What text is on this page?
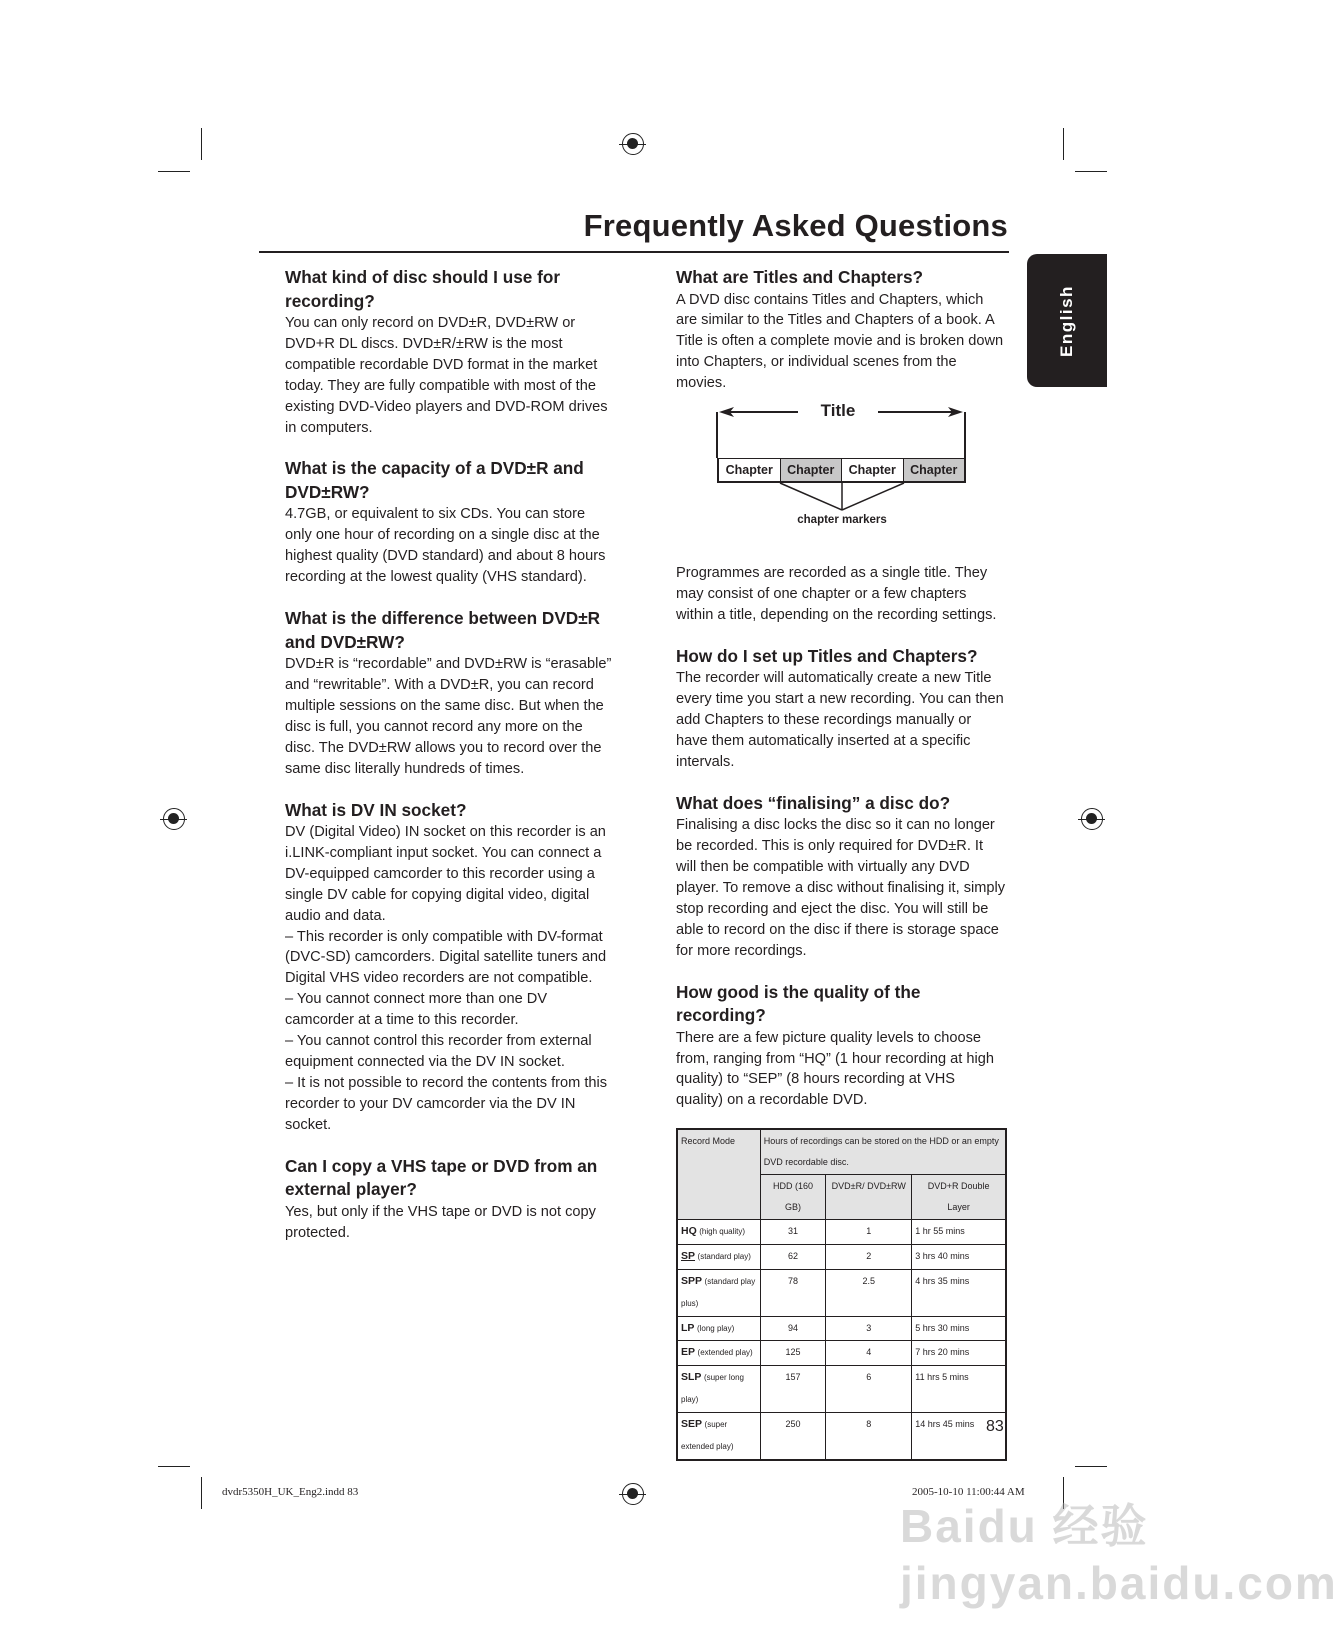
Frequently Asked Questions
English
What kind of disc should I use for recording?

You can only record on DVD±R, DVD±RW or DVD+R DL discs. DVD±R/±RW is the most compatible recordable DVD format in the market today. They are fully compatible with most of the existing DVD-Video players and DVD-ROM drives in computers.

What is the capacity of a DVD±R and DVD±RW?

4.7GB, or equivalent to six CDs. You can store only one hour of recording on a single disc at the highest quality (DVD standard) and about 8 hours recording at the lowest quality (VHS standard).

What is the difference between DVD±R and DVD±RW?

DVD±R is “recordable” and DVD±RW is “erasable” and “rewritable”. With a DVD±R, you can record multiple sessions on the same disc. But when the disc is full, you cannot record any more on the disc. The DVD±RW allows you to record over the same disc literally hundreds of times.

What is DV IN socket?

DV (Digital Video) IN socket on this recorder is an i.LINK-compliant input socket. You can connect a DV-equipped camcorder to this recorder using a single DV cable for copying digital video, digital audio and data.

– This recorder is only compatible with DV-format (DVC-SD) camcorders. Digital satellite tuners and Digital VHS video recorders are not compatible.

– You cannot connect more than one DV camcorder at a time to this recorder.

– You cannot control this recorder from external equipment connected via the DV IN socket.

– It is not possible to record the contents from this recorder to your DV camcorder via the DV IN socket.

Can I copy a VHS tape or DVD from an external player?

Yes, but only if the VHS tape or DVD is not copy protected.

What are Titles and Chapters?

A DVD disc contains Titles and Chapters, which are similar to the Titles and Chapters of a book. A Title is often a complete movie and is broken down into Chapters, or individual scenes from the movies.

Title
Chapter	Chapter	Chapter	Chapter
chapter markers

Programmes are recorded as a single title. They may consist of one chapter or a few chapters within a title, depending on the recording settings.

How do I set up Titles and Chapters?

The recorder will automatically create a new Title every time you start a new recording. You can then add Chapters to these recordings manually or have them automatically inserted at a specific intervals.

What does “finalising” a disc do?

Finalising a disc locks the disc so it can no longer be recorded. This is only required for DVD±R. It will then be compatible with virtually any DVD player. To remove a disc without finalising it, simply stop recording and eject the disc. You will still be able to record on the disc if there is storage space for more recordings.

How good is the quality of the recording?

There are a few picture quality levels to choose from, ranging from “HQ” (1 hour recording at high quality) to “SEP” (8 hours recording at VHS quality) on a recordable DVD.

Record Mode	Hours of recordings can be stored on the HDD or an empty DVD recordable disc.		
	HDD (160 GB)	DVD±R/ DVD±RW	DVD+R Double Layer
HQ (high quality)	31	1	1 hr 55 mins
SP (standard play)	62	2	3 hrs 40 mins
SPP (standard play plus)	78	2.5	4 hrs 35 mins
LP (long play)	94	3	5 hrs 30 mins
EP (extended play)	125	4	7 hrs 20 mins
SLP (super long play)	157	6	11 hrs 5 mins
SEP (super extended play)	250	8	14 hrs 45 mins 83
dvdr5350H_UK_Eng2.indd 83	2005-10-10 11:00:44 AM
Baidu 经验 jingyan.baidu.com
